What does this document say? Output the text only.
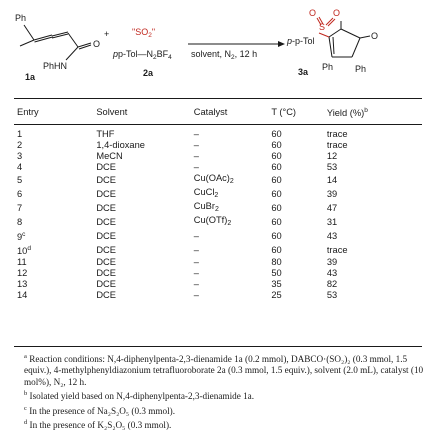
Ph
O
PhHN
1a
+	"$SO_2$"
$pp-Tol—N_2BF_4$
2a
solvent, $N_2$, 12 h
p-p-Tol
S
O O
O
Ph Ph
3a
Entry	Solvent	Catalyst	T (°C)	Yield (%)$^b$
1	THF	–	60	trace
2	1,4-dioxane	–	60	trace
3	MeCN	–	60	12
4	DCE	–	60	53
5	DCE	$Cu(OAc)_2$	60	14
6	DCE	CuCl$_2$	60	39
7	DCE	CuBr$_2$	60	47
8	DCE	$Cu(OTf)_2$	60	31
9$^c$	DCE	–	60	43
10$^d$	DCE	–	60	trace
11	DCE	–	80	39
12	DCE	–	50	43
13	DCE	–	35	82
14	DCE	–	25	53

$^a$ Reaction conditions: N,4-diphenylpenta-2,3-dienamide 1a (0.2 mmol), DABCO·(SO₂)₂ (0.3 mmol, 1.5 equiv.), 4-methylphenyldiazonium tetrafluoroborate 2a (0.3 mmol, 1.5 equiv.), solvent (2.0 mL), catalyst (10 mol%), N₂, 12 h.

$^b$ Isolated yield based on N,4-diphenylpenta-2,3-dienamide 1a.

$^c$ In the presence of Na₂S₂O₅ (0.3 mmol).

$^d$ In the presence of K₂S₂O₅ (0.3 mmol).
